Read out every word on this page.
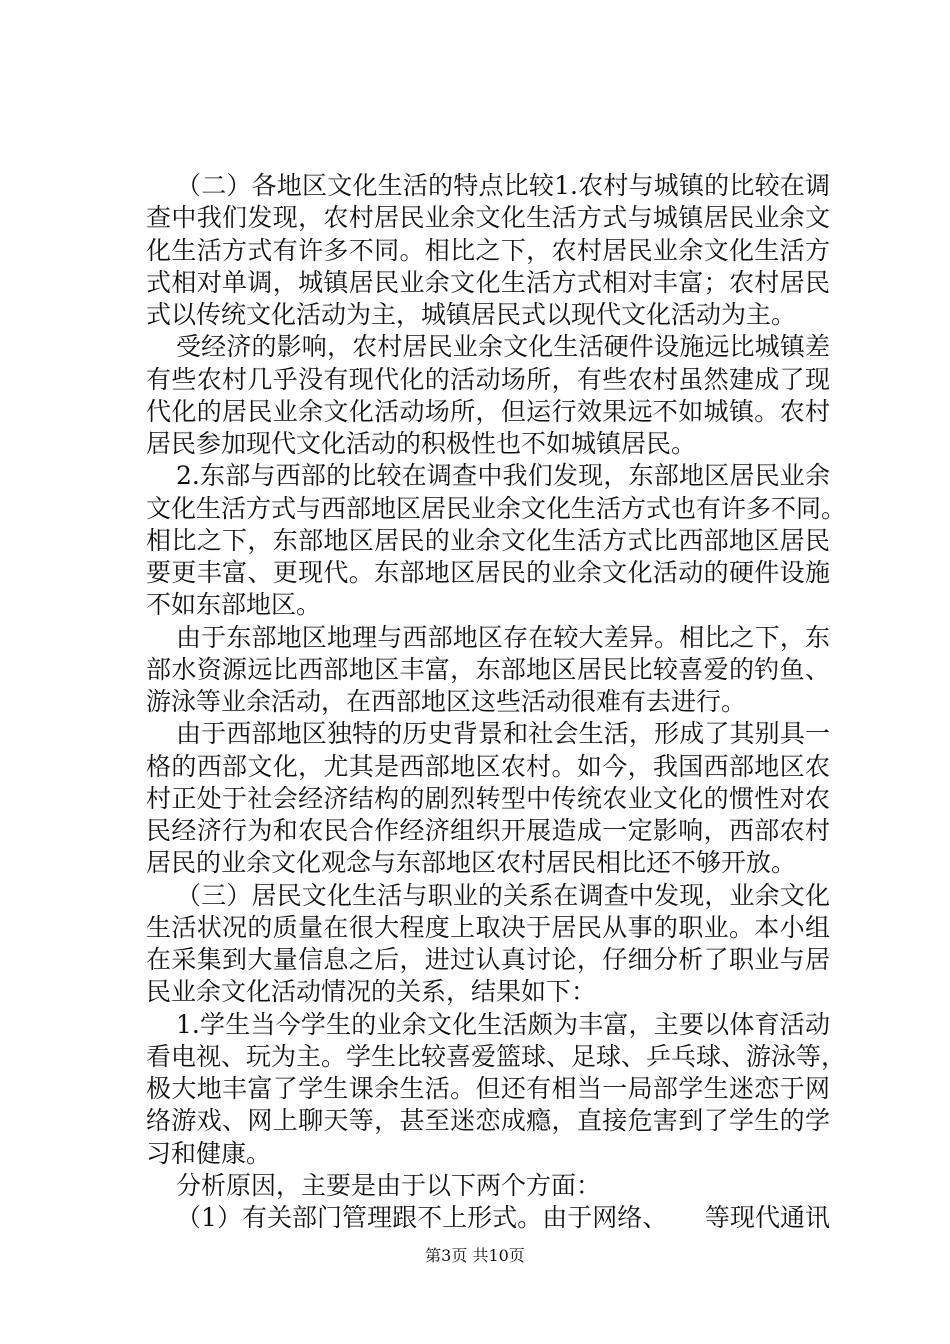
（二）各地区文化生活的特点比较1.农村与城镇的比较在调
查中我们发现，农村居民业余文化生活方式与城镇居民业余文
化生活方式有许多不同。相比之下，农村居民业余文化生活方
式相对单调，城镇居民业余文化生活方式相对丰富；农村居民
式以传统文化活动为主，城镇居民式以现代文化活动为主。
受经济的影响，农村居民业余文化生活硬件设施远比城镇差
有些农村几乎没有现代化的活动场所，有些农村虽然建成了现
代化的居民业余文化活动场所，但运行效果远不如城镇。农村
居民参加现代文化活动的积极性也不如城镇居民。
2.东部与西部的比较在调查中我们发现，东部地区居民业余
文化生活方式与西部地区居民业余文化生活方式也有许多不同。
相比之下，东部地区居民的业余文化生活方式比西部地区居民
要更丰富、更现代。东部地区居民的业余文化活动的硬件设施
不如东部地区。
由于东部地区地理与西部地区存在较大差异。相比之下，东
部水资源远比西部地区丰富，东部地区居民比较喜爱的钓鱼、
游泳等业余活动，在西部地区这些活动很难有去进行。
由于西部地区独特的历史背景和社会生活，形成了其别具一
格的西部文化，尤其是西部地区农村。如今，我国西部地区农
村正处于社会经济结构的剧烈转型中传统农业文化的惯性对农
民经济行为和农民合作经济组织开展造成一定影响，西部农村
居民的业余文化观念与东部地区农村居民相比还不够开放。
（三）居民文化生活与职业的关系在调查中发现，业余文化
生活状况的质量在很大程度上取决于居民从事的职业。本小组
在采集到大量信息之后，进过认真讨论，仔细分析了职业与居
民业余文化活动情况的关系，结果如下：
1.学生当今学生的业余文化生活颇为丰富，主要以体育活动
看电视、玩为主。学生比较喜爱篮球、足球、乒乓球、游泳等，
极大地丰富了学生课余生活。但还有相当一局部学生迷恋于网
络游戏、网上聊天等，甚至迷恋成瘾，直接危害到了学生的学
习和健康。
分析原因，主要是由于以下两个方面：
（1）有关部门管理跟不上形式。由于网络、　　等现代通讯
第3页 共10页
